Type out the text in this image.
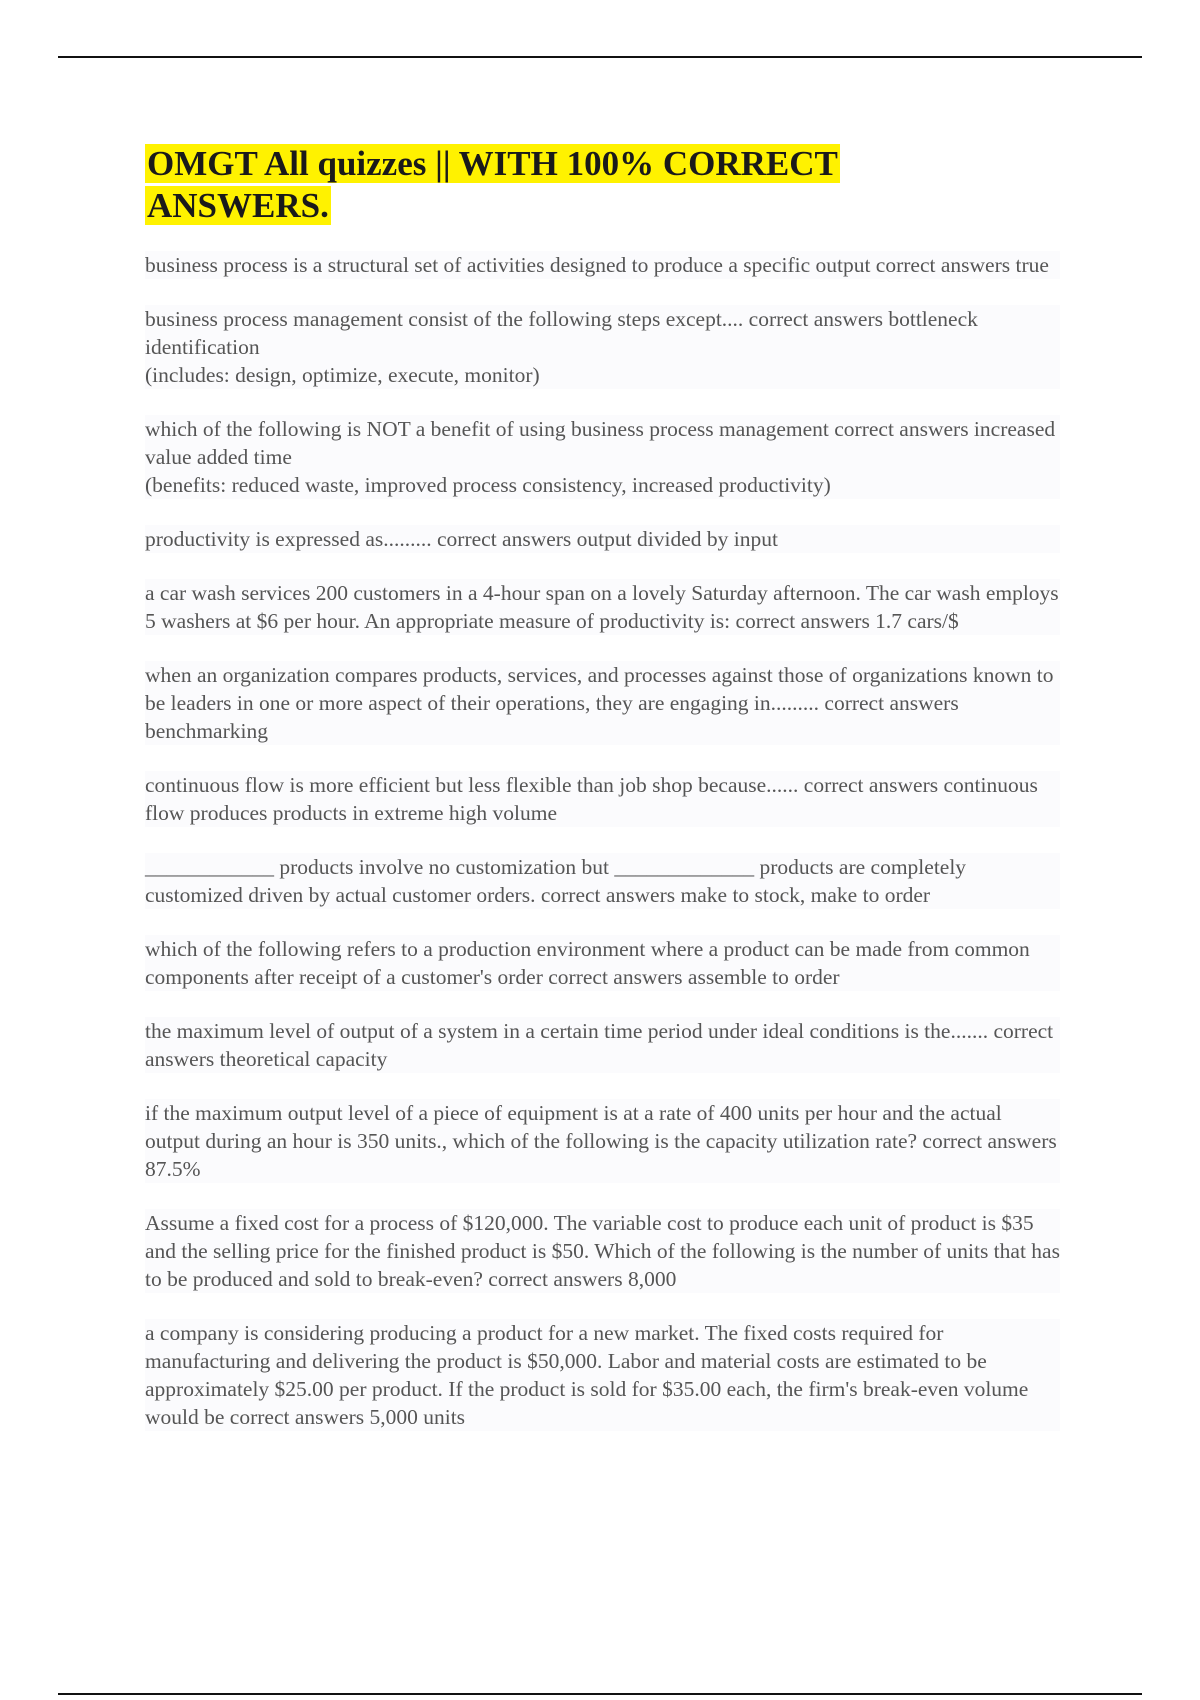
OMGT All quizzes || WITH 100% CORRECT ANSWERS.

business process is a structural set of activities designed to produce a specific output correct answers true

business process management consist of the following steps except.... correct answers bottleneck identification
(includes: design, optimize, execute, monitor)

which of the following is NOT a benefit of using business process management correct answers increased value added time
(benefits: reduced waste, improved process consistency, increased productivity)

productivity is expressed as......... correct answers output divided by input

a car wash services 200 customers in a 4-hour span on a lovely Saturday afternoon. The car wash employs 5 washers at $6 per hour. An appropriate measure of productivity is: correct answers 1.7 cars/$

when an organization compares products, services, and processes against those of organizations known to be leaders in one or more aspect of their operations, they are engaging in......... correct answers benchmarking

continuous flow is more efficient but less flexible than job shop because...... correct answers continuous flow produces products in extreme high volume

____________ products involve no customization but _____________ products are completely customized driven by actual customer orders. correct answers make to stock, make to order

which of the following refers to a production environment where a product can be made from common components after receipt of a customer's order correct answers assemble to order

the maximum level of output of a system in a certain time period under ideal conditions is the....... correct answers theoretical capacity

if the maximum output level of a piece of equipment is at a rate of 400 units per hour and the actual output during an hour is 350 units., which of the following is the capacity utilization rate? correct answers 87.5%

Assume a fixed cost for a process of $120,000. The variable cost to produce each unit of product is $35 and the selling price for the finished product is $50. Which of the following is the number of units that has to be produced and sold to break-even? correct answers 8,000

a company is considering producing a product for a new market. The fixed costs required for manufacturing and delivering the product is $50,000. Labor and material costs are estimated to be approximately $25.00 per product. If the product is sold for $35.00 each, the firm's break-even volume would be correct answers 5,000 units
